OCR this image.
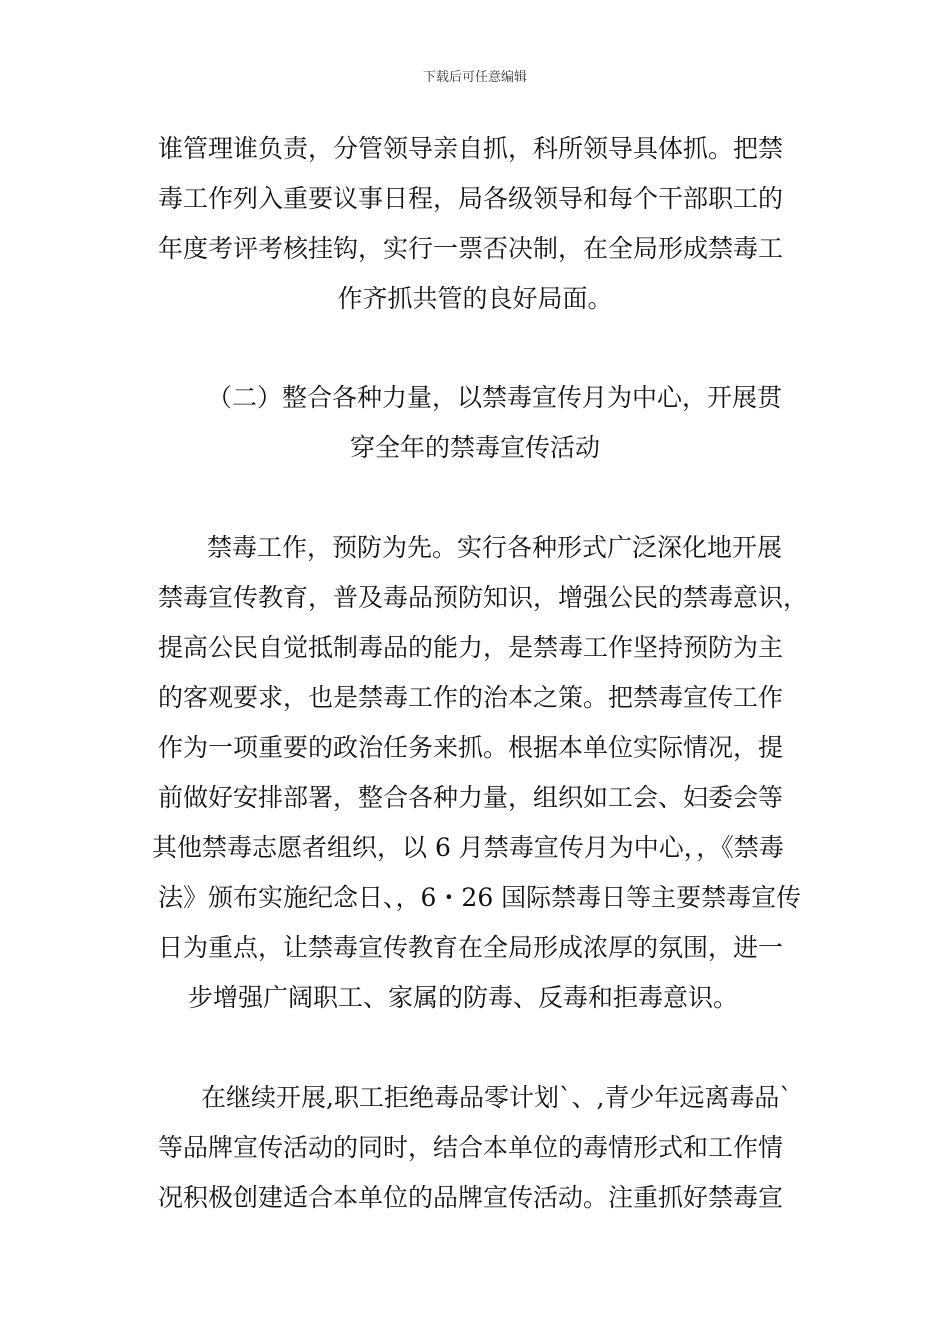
下载后可任意编辑
谁管理谁负责，分管领导亲自抓，科所领导具体抓。把禁
毒工作列入重要议事日程，局各级领导和每个干部职工的
年度考评考核挂钩，实行一票否决制，在全局形成禁毒工
作齐抓共管的良好局面。
（二）整合各种力量，以禁毒宣传月为中心，开展贯
穿全年的禁毒宣传活动
禁毒工作，预防为先。实行各种形式广泛深化地开展
禁毒宣传教育，普及毒品预防知识，增强公民的禁毒意识，
提高公民自觉抵制毒品的能力，是禁毒工作坚持预防为主
的客观要求，也是禁毒工作的治本之策。把禁毒宣传工作
作为一项重要的政治任务来抓。根据本单位实际情况，提
前做好安排部署，整合各种力量，组织如工会、妇委会等
其他禁毒志愿者组织，以 6 月禁毒宣传月为中心，，《禁毒
法》颁布实施纪念日、，6・26 国际禁毒日等主要禁毒宣传
日为重点，让禁毒宣传教育在全局形成浓厚的氛围，进一
步增强广阔职工、家属的防毒、反毒和拒毒意识。
在继续开展,职工拒绝毒品零计划`、,青少年远离毒品`
等品牌宣传活动的同时，结合本单位的毒情形式和工作情
况积极创建适合本单位的品牌宣传活动。注重抓好禁毒宣
